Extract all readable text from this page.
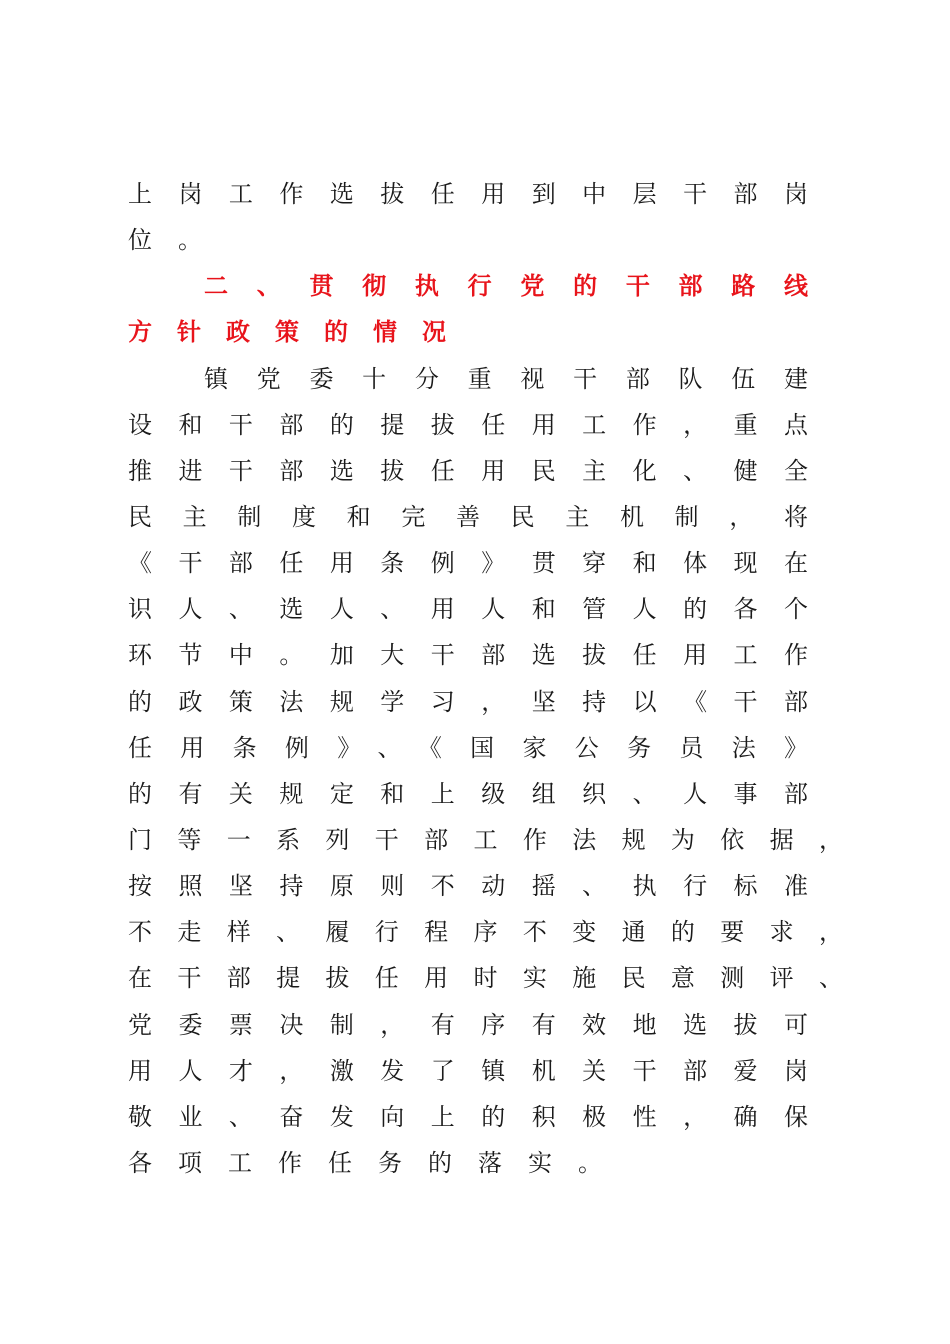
上岗工作选拔任用到中层干部岗
位。
二、贯彻执行党的干部路线
方针政策的情况
镇党委十分重视干部队伍建
设和干部的提拔任用工作，重点
推进干部选拔任用民主化、健全
民主制度和完善民主机制，将
《干部任用条例》贯穿和体现在
识人、选人、用人和管人的各个
环节中。加大干部选拔任用工作
的政策法规学习，坚持以《干部
任用条例》、《国家公务员法》
的有关规定和上级组织、人事部
门等一系列干部工作法规为依据，
按照坚持原则不动摇、执行标准
不走样、履行程序不变通的要求，
在干部提拔任用时实施民意测评、
党委票决制，有序有效地选拔可
用人才，激发了镇机关干部爱岗
敬业、奋发向上的积极性，确保
各项工作任务的落实。
